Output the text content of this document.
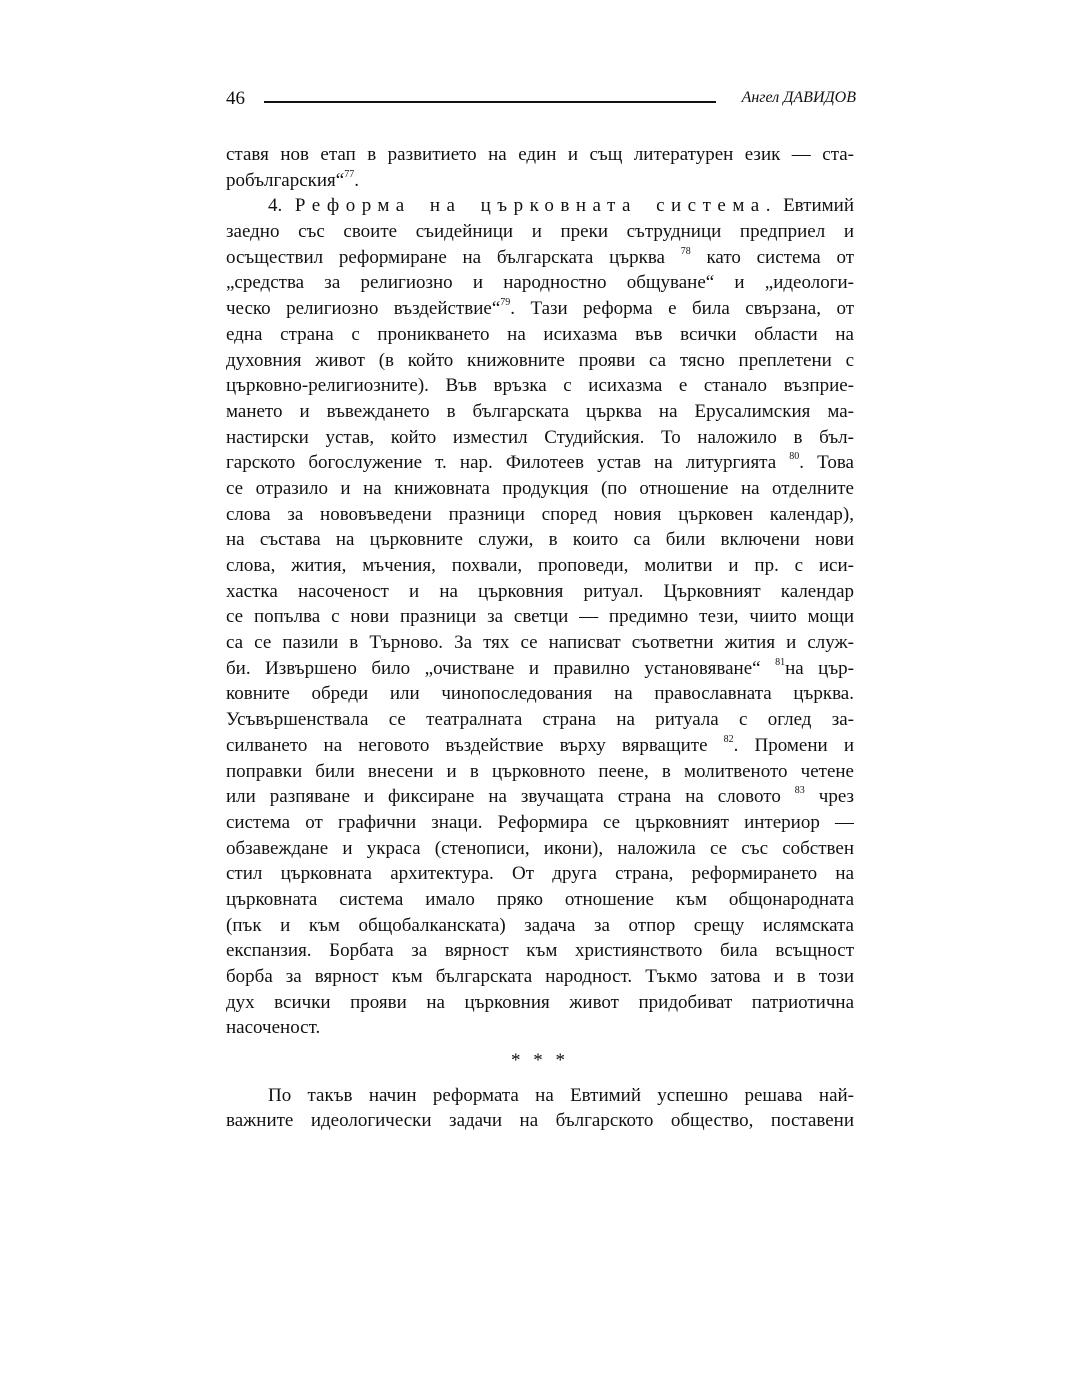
46	Ангел ДАВИДОВ
ставя нов етап в развитието на един и същ литературен език — ста-
робългарския“$^{77}$.
4. Реформа на църковната система. Евтимий
заедно със своите съидейници и преки сътрудници предприел и
осъществил реформиране на българската църква $^{78}$ като система от
„средства за религиозно и народностно общуване“ и „идеологи-
ческо религиозно въздействие“$^{79}$. Тази реформа е била свързана, от
една страна с проникването на исихазма във всички области на
духовния живот (в който книжовните прояви са тясно преплетени с
църковно-религиозните). Във връзка с исихазма е станало възприе-
мането и въвеждането в българската църква на Ерусалимския ма-
настирски устав, който изместил Студийския. То наложило в бъл-
гарското богослужение т. нар. Филотеев устав на литургията $^{80}$. Това
се отразило и на книжовната продукция (по отношение на отделните
слова за нововъведени празници според новия църковен календар),
на състава на църковните служи, в които са били включени нови
слова, жития, мъчения, похвали, проповеди, молитви и пр. с иси-
хастка насоченост и на църковния ритуал. Църковният календар
се попълва с нови празници за светци — предимно тези, чиито мощи
са се пазили в Търново. За тях се написват съответни жития и служ-
би. Извършено било „очистване и правилно установяване“ $^{81}$на цър-
ковните обреди или чинопоследования на православната църква.
Усъвършенствала се театралната страна на ритуала с оглед за-
силването на неговото въздействие върху вярващите $^{82}$. Промени и
поправки били внесени и в църковното пеене, в молитвеното четене
или разпяване и фиксиране на звучащата страна на словото $^{83}$ чрез
система от графични знаци. Реформира се църковният интериор —
обзавеждане и украса (стенописи, икони), наложила се със собствен
стил църковната архитектура. От друга страна, реформирането на
църковната система имало пряко отношение към общонародната
(пък и към общобалканската) задача за отпор срещу ислямската
експанзия. Борбата за вярност към християнството била всъщност
борба за вярност към българската народност. Тъкмо затова и в този
дух всички прояви на църковния живот придобиват патриотична
насоченост.
* * *
По такъв начин реформата на Евтимий успешно решава най-
важните идеологически задачи на българското общество, поставени
